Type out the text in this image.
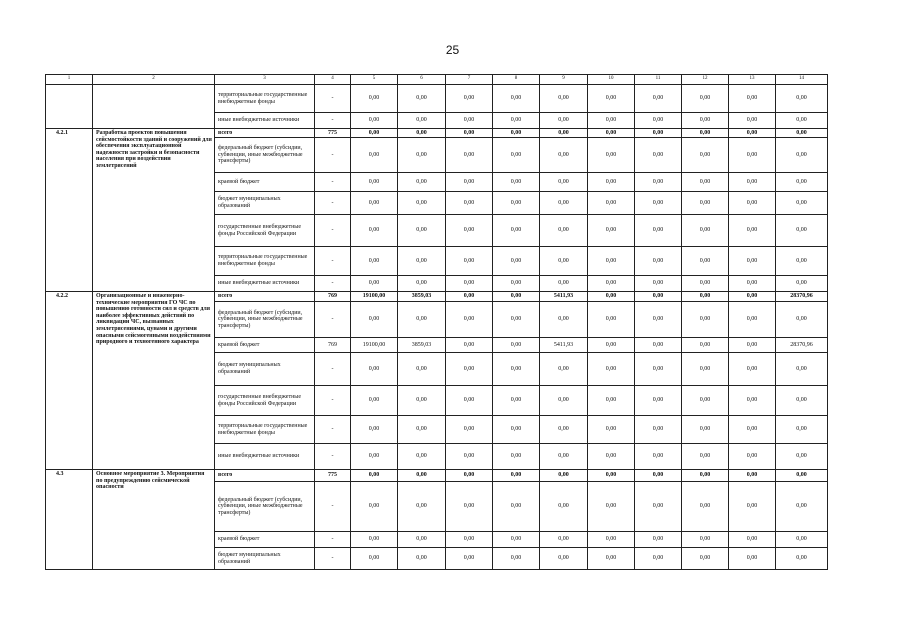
25
1	2	3	4	5	6	7	8	9	10	11	12	13	14
		территориальные государственные внебюджетные фонды	-	0,00	0,00	0,00	0,00	0,00	0,00	0,00	0,00	0,00	0,00
		иные внебюджетные источники	-	0,00	0,00	0,00	0,00	0,00	0,00	0,00	0,00	0,00	0,00
4.2.1	Разработка проектов повышения сейсмостойкости зданий и сооружений для обеспечения эксплуатационной надежности застройки и безопасности населения при воздействии землетрясений	всего	775	0,00	0,00	0,00	0,00	0,00	0,00	0,00	0,00	0,00	0,00
		федеральный бюджет (субсидии, субвенции, иные межбюджетные трансферты)	-	0,00	0,00	0,00	0,00	0,00	0,00	0,00	0,00	0,00	0,00
		краевой бюджет	-	0,00	0,00	0,00	0,00	0,00	0,00	0,00	0,00	0,00	0,00
		бюджет муниципальных образований	-	0,00	0,00	0,00	0,00	0,00	0,00	0,00	0,00	0,00	0,00
		государственные внебюджетные фонды Российской Федерации	-	0,00	0,00	0,00	0,00	0,00	0,00	0,00	0,00	0,00	0,00
		территориальные государственные внебюджетные фонды	-	0,00	0,00	0,00	0,00	0,00	0,00	0,00	0,00	0,00	0,00
		иные внебюджетные источники	-	0,00	0,00	0,00	0,00	0,00	0,00	0,00	0,00	0,00	0,00
4.2.2	Организационные и инженерно-технические мероприятия ГО ЧС по повышению готовности сил и средств для наиболее эффективных действий по ликвидации ЧС, вызванных землетрясениями, цунами и другими опасными сейсмогенными воздействиями природного и техногенного характера	всего	769	19100,00	3859,03	0,00	0,00	5411,93	0,00	0,00	0,00	0,00	28370,96
		федеральный бюджет (субсидии, субвенции, иные межбюджетные трансферты)	-	0,00	0,00	0,00	0,00	0,00	0,00	0,00	0,00	0,00	0,00
		краевой бюджет	769	19100,00	3859,03	0,00	0,00	5411,93	0,00	0,00	0,00	0,00	28370,96
		бюджет муниципальных образований	-	0,00	0,00	0,00	0,00	0,00	0,00	0,00	0,00	0,00	0,00
		государственные внебюджетные фонды Российской Федерации	-	0,00	0,00	0,00	0,00	0,00	0,00	0,00	0,00	0,00	0,00
		территориальные государственные внебюджетные фонды	-	0,00	0,00	0,00	0,00	0,00	0,00	0,00	0,00	0,00	0,00
		иные внебюджетные источники	-	0,00	0,00	0,00	0,00	0,00	0,00	0,00	0,00	0,00	0,00
4.3	Основное мероприятие 3. Мероприятия по предупреждению сейсмической опасности	всего	775	0,00	0,00	0,00	0,00	0,00	0,00	0,00	0,00	0,00	0,00
		федеральный бюджет (субсидии, субвенции, иные межбюджетные трансферты)	-	0,00	0,00	0,00	0,00	0,00	0,00	0,00	0,00	0,00	0,00
		краевой бюджет	-	0,00	0,00	0,00	0,00	0,00	0,00	0,00	0,00	0,00	0,00
		бюджет муниципальных образований	-	0,00	0,00	0,00	0,00	0,00	0,00	0,00	0,00	0,00	0,00
